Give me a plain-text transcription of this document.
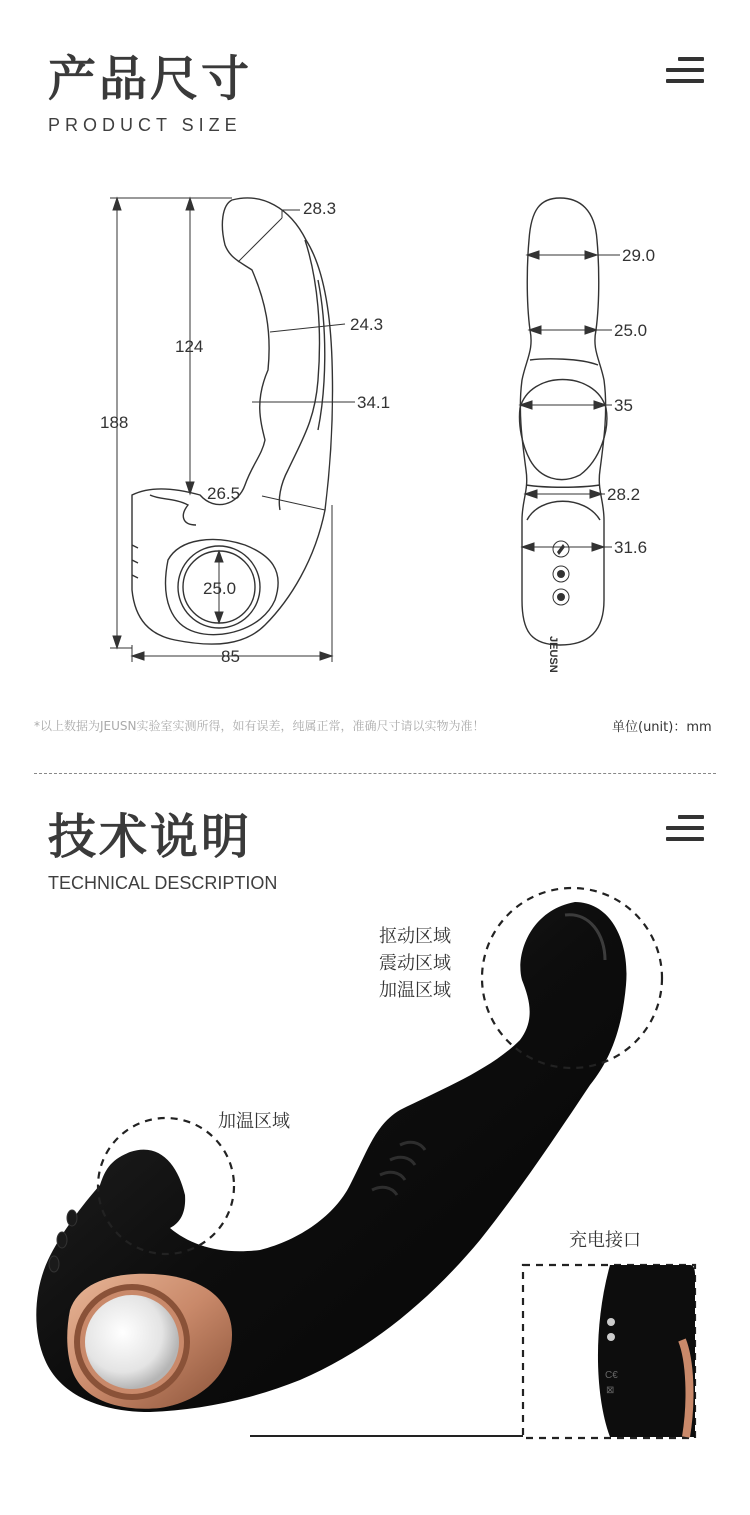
产品尺寸
PRODUCT SIZE
188
124
28.3
24.3
34.1
26.5
25.0
85	JEUSN
29.0
25.0
35
28.2
31.6
*以上数据为JEUSN实验室实测所得，如有误差，纯属正常，准确尺寸请以实物为准！	单位(unit)：mm
技术说明
TECHNICAL DESCRIPTION
抠动区域
震动区域
加温区域
加温区域
充电接口
C€
⊠
